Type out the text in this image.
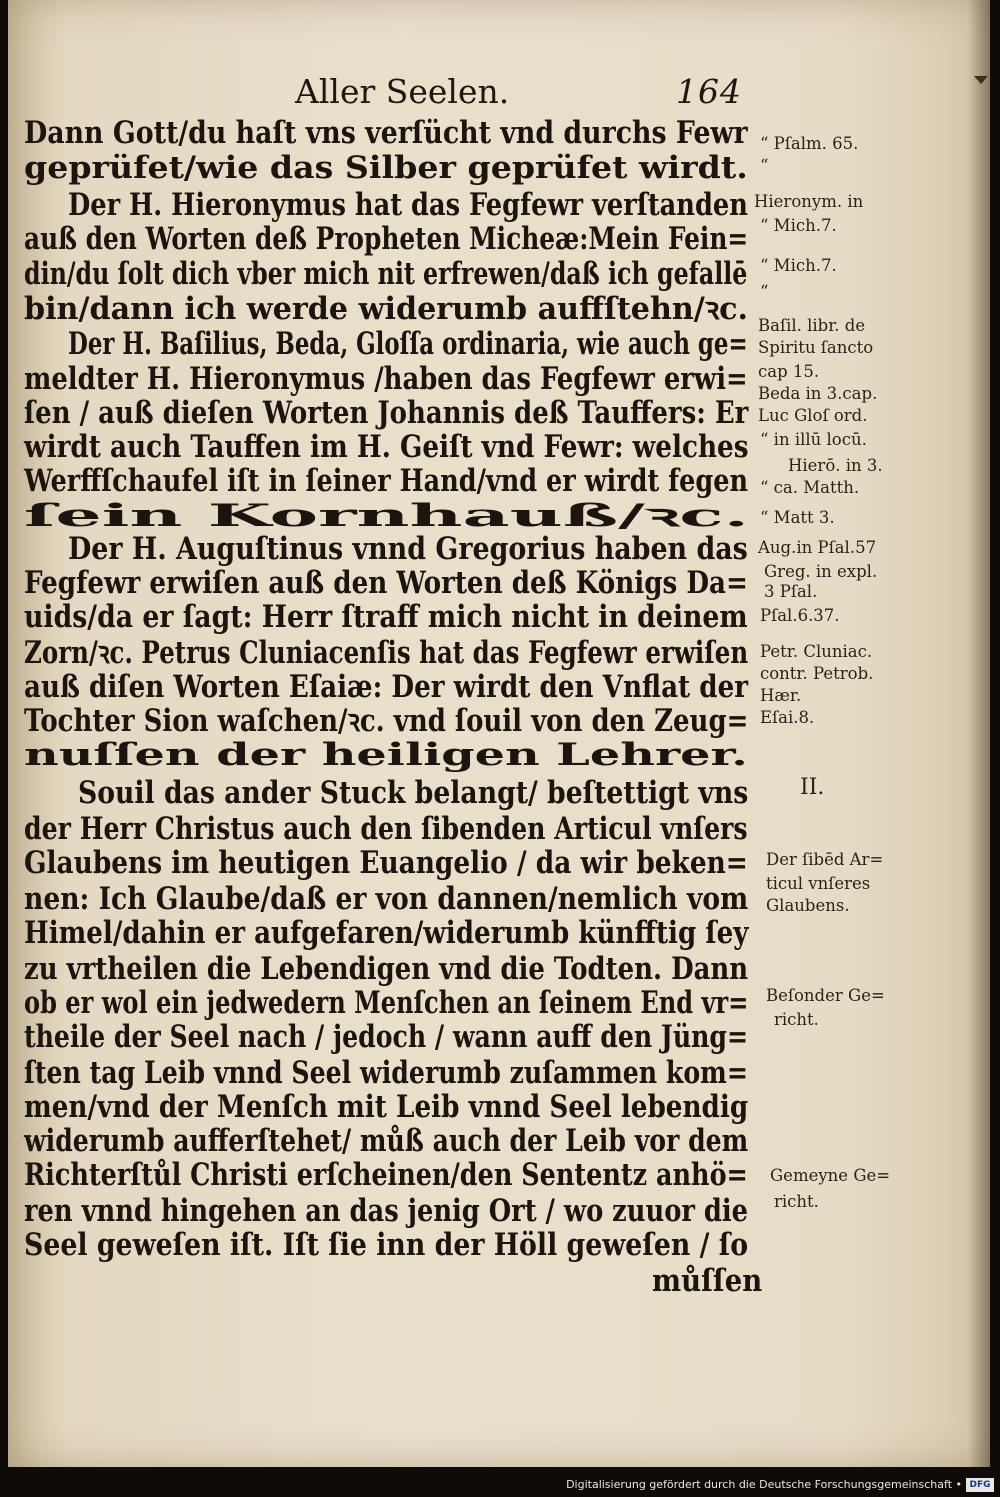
Aller Seelen.	164
Dann Gott/du haſt vns verſücht vnd durchs Fewr
geprüfet/wie das Silber geprüfet wirdt.
Der H. Hieronymus hat das Fegfewr verſtanden
auß den Worten deß Propheten Micheæ:Mein Fein=
din/du ſolt dich vber mich nit erfrewen/daß ich gefallē
bin/dann ich werde widerumb auffſtehn/ꝛc.
Der H. Baſilius, Beda, Gloſſa ordinaria, wie auch ge=
meldter H. Hieronymus /haben das Fegfewr erwi=
ſen / auß dieſen Worten Johannis deß Tauffers: Er
wirdt auch Tauffen im H. Geiſt vnd Fewr: welches
Werffſchaufel iſt in ſeiner Hand/vnd er wirdt fegen
ſein Kornhauß/ꝛc.
Der H. Auguſtinus vnnd Gregorius haben das
Fegfewr erwiſen auß den Worten deß Königs Da=
uids/da er ſagt: Herr ſtraff mich nicht in deinem
Zorn/ꝛc. Petrus Cluniacenſis hat das Fegfewr erwiſen
auß diſen Worten Eſaiæ: Der wirdt den Vnflat der
Tochter Sion waſchen/ꝛc. vnd ſouil von den Zeug=
nuſſen der heiligen Lehrer.
Souil das ander Stuck belangt/ beſtettigt vns
der Herr Christus auch den ſibenden Articul vnſers
Glaubens im heutigen Euangelio / da wir beken=
nen: Ich Glaube/daß er von dannen/nemlich vom
Himel/dahin er aufgefaren/widerumb künfftig ſey
zu vrtheilen die Lebendigen vnd die Todten. Dann
ob er wol ein jedwedern Menſchen an ſeinem End vr=
theile der Seel nach / jedoch / wann auff den Jüng=
ſten tag Leib vnnd Seel widerumb zuſammen kom=
men/vnd der Menſch mit Leib vnnd Seel lebendig
widerumb aufferſtehet/ můß auch der Leib vor dem
Richterſtůl Christi erſcheinen/den Sententz anhö=
ren vnnd hingehen an das jenig Ort / wo zuuor die
Seel geweſen iſt. Iſt ſie inn der Höll geweſen / ſo
můſſen
“ Pſalm. 65.
“
Hieronym. in
“ Mich.7.
“ Mich.7.
“
Baſil. libr. de
Spiritu ſancto
cap 15.
Beda in 3.cap.
Luc Gloſ ord.
“ in illū locū.
Hierō. in 3.
“ ca. Matth.
“ Matt 3.
Aug.in Pſal.57
Greg. in expl.
3 Pſal.
Pſal.6.37.
Petr. Cluniac.
contr. Petrob.
Hær.
Eſai.8.
II.
Der ſibēd Ar=
ticul vnſeres
Glaubens.
Beſonder Ge=
richt.
Gemeyne Ge=
richt.
Digitalisierung gefördert durch die Deutsche Forschungsgemeinschaft • DFG
